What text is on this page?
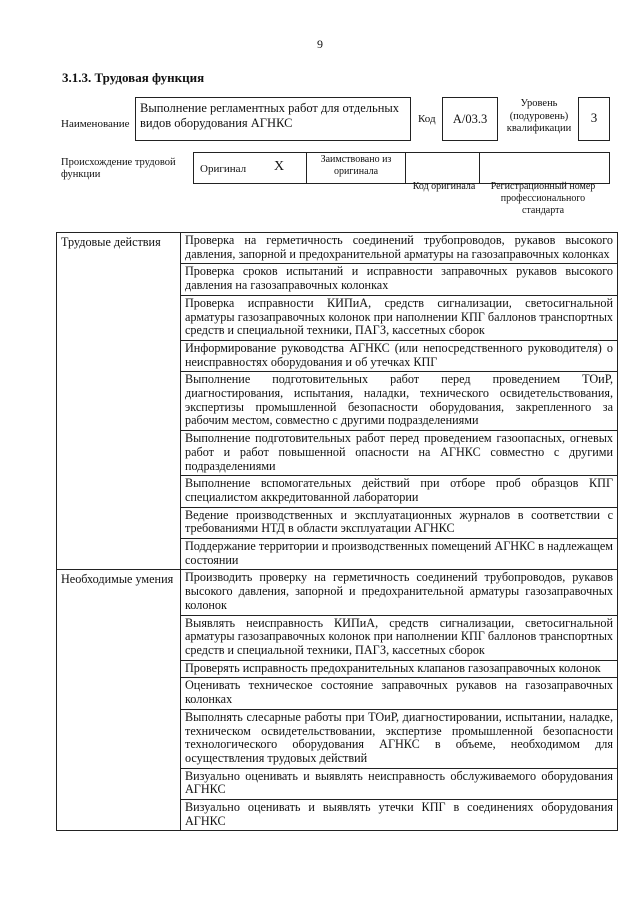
9
3.1.3. Трудовая функция
Наименование
Выполнение регламентных работ для отдельных видов оборудования АГНКС	Код	А/03.3
Уровень (подуровень) квалификации
3
Происхождение трудовой функции	Оригинал Х	Заимствовано из оригинала
Код оригинала	Регистрационный номер профессионального стандарта
Трудовые действия	Проверка на герметичность соединений трубопроводов, рукавов высокого давления, запорной и предохранительной арматуры на газозаправочных колонках
	Проверка сроков испытаний и исправности заправочных рукавов высокого давления на газозаправочных колонках
	Проверка исправности КИПиА, средств сигнализации, светосигнальной арматуры газозаправочных колонок при наполнении КПГ баллонов транспортных средств и специальной техники, ПАГЗ, кассетных сборок
	Информирование руководства АГНКС (или непосредственного руководителя) о неисправностях оборудования и об утечках КПГ
	Выполнение подготовительных работ перед проведением ТОиР, диагностирования, испытания, наладки, технического освидетельствования, экспертизы промышленной безопасности оборудования, закрепленного за рабочим местом, совместно с другими подразделениями
	Выполнение подготовительных работ перед проведением газоопасных, огневых работ и работ повышенной опасности на АГНКС совместно с другими подразделениями
	Выполнение вспомогательных действий при отборе проб образцов КПГ специалистом аккредитованной лаборатории
	Ведение производственных и эксплуатационных журналов в соответствии с требованиями НТД в области эксплуатации АГНКС
	Поддержание территории и производственных помещений АГНКС в надлежащем состоянии
Необходимые умения	Производить проверку на герметичность соединений трубопроводов, рукавов высокого давления, запорной и предохранительной арматуры газозаправочных колонок
	Выявлять неисправность КИПиА, средств сигнализации, светосигнальной арматуры газозаправочных колонок при наполнении КПГ баллонов транспортных средств и специальной техники, ПАГЗ, кассетных сборок
	Проверять исправность предохранительных клапанов газозаправочных колонок
	Оценивать техническое состояние заправочных рукавов на газозаправочных колонках
	Выполнять слесарные работы при ТОиР, диагностировании, испытании, наладке, техническом освидетельствовании, экспертизе промышленной безопасности технологического оборудования АГНКС в объеме, необходимом для осуществления трудовых действий
	Визуально оценивать и выявлять неисправность обслуживаемого оборудования АГНКС
	Визуально оценивать и выявлять утечки КПГ в соединениях оборудования АГНКС
